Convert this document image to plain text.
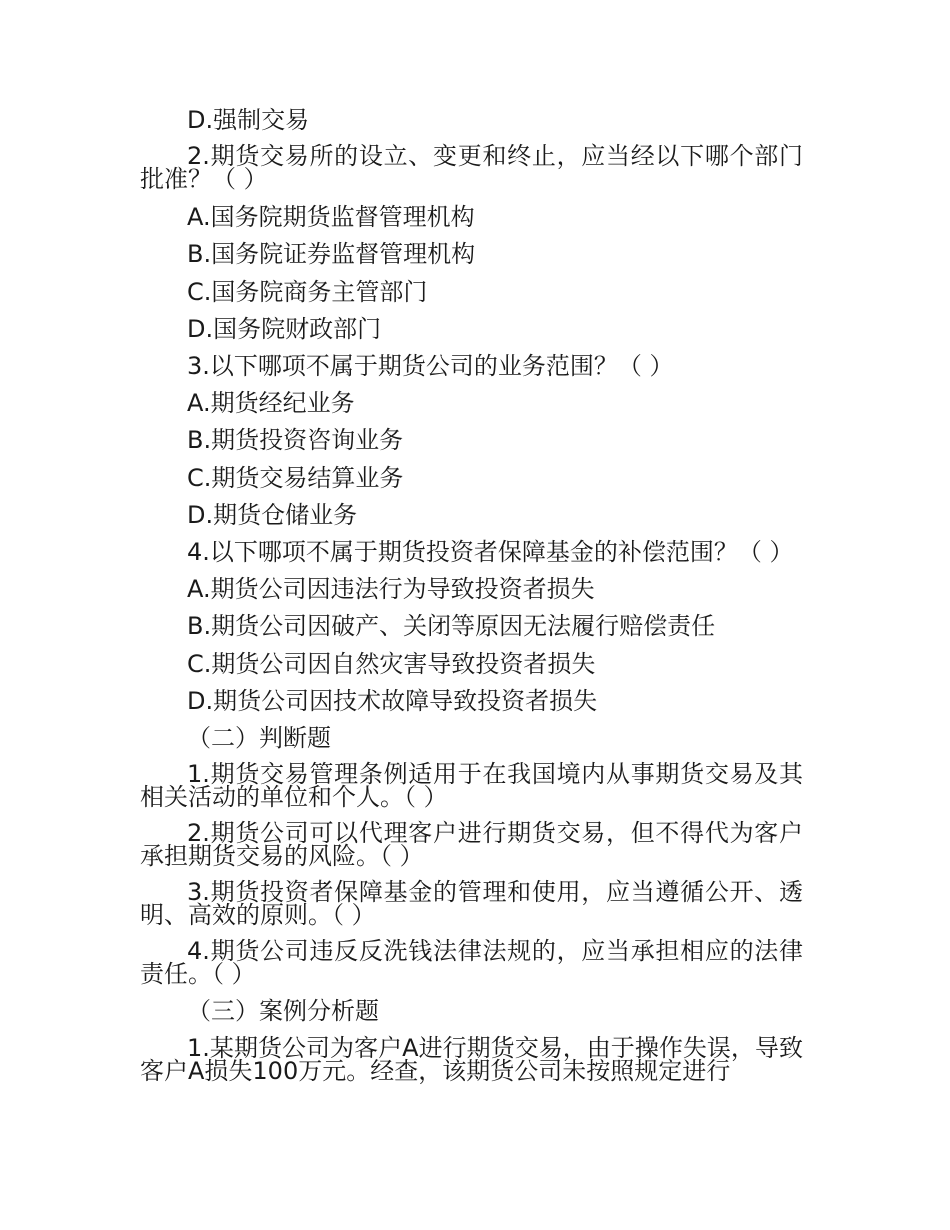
D.强制交易
2.期货交易所的设立、变更和终止，应当经以下哪个部门批准？（ ）
A.国务院期货监督管理机构
B.国务院证券监督管理机构
C.国务院商务主管部门
D.国务院财政部门
3.以下哪项不属于期货公司的业务范围？（ ）
A.期货经纪业务
B.期货投资咨询业务
C.期货交易结算业务
D.期货仓储业务
4.以下哪项不属于期货投资者保障基金的补偿范围？（ ）
A.期货公司因违法行为导致投资者损失
B.期货公司因破产、关闭等原因无法履行赔偿责任
C.期货公司因自然灾害导致投资者损失
D.期货公司因技术故障导致投资者损失
（二）判断题
1.期货交易管理条例适用于在我国境内从事期货交易及其相关活动的单位和个人。（ ）
2.期货公司可以代理客户进行期货交易，但不得代为客户承担期货交易的风险。（ ）
3.期货投资者保障基金的管理和使用，应当遵循公开、透明、高效的原则。（ ）
4.期货公司违反反洗钱法律法规的，应当承担相应的法律责任。（ ）
（三）案例分析题
1.某期货公司为客户A进行期货交易，由于操作失误，导致客户A损失100万元。经查，该期货公司未按照规定进行
